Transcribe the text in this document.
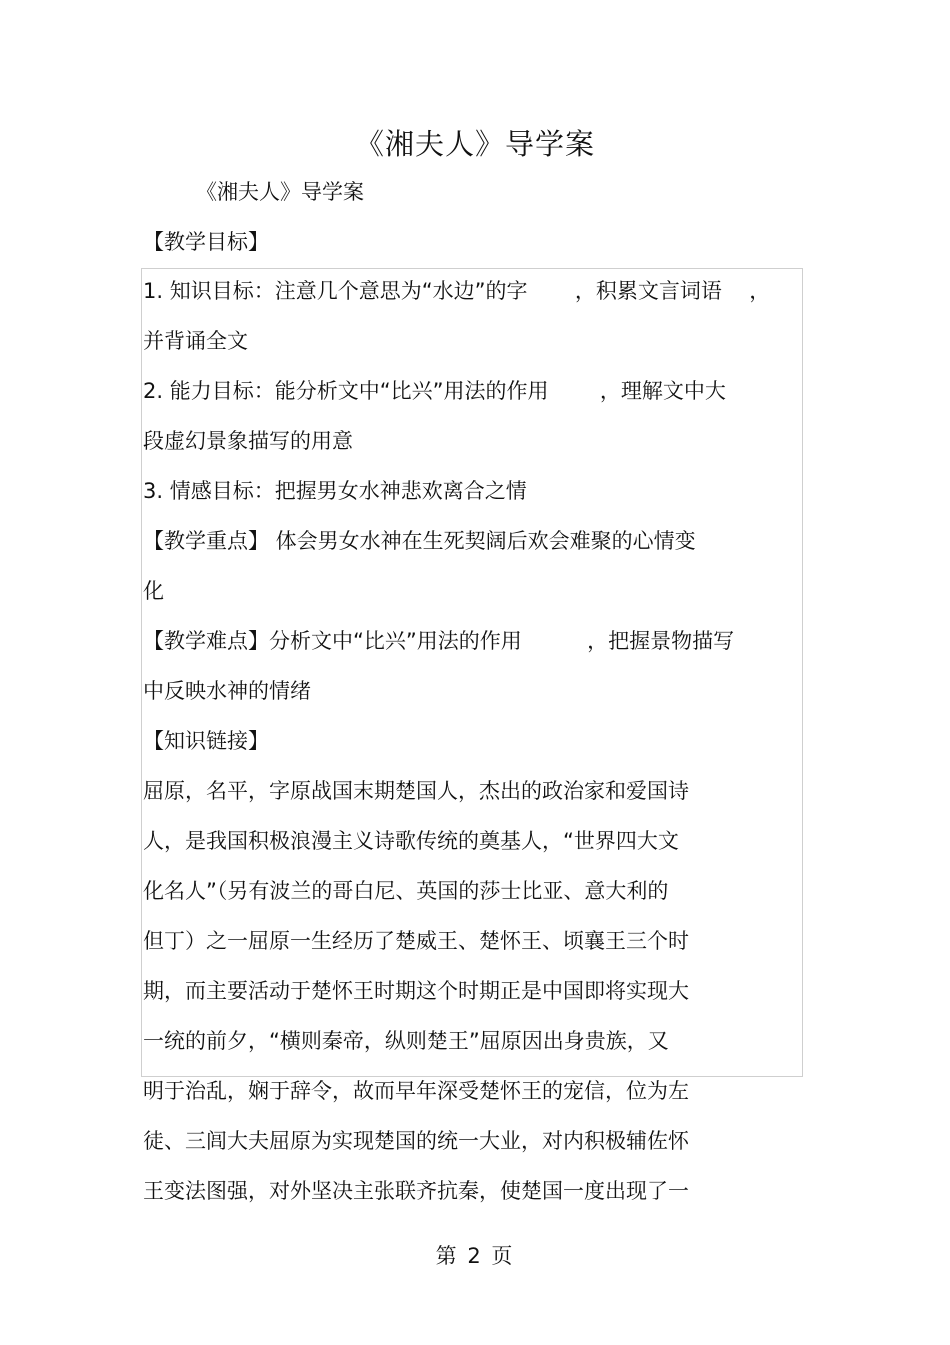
《湘夫人》导学案
《湘夫人》导学案
【教学目标】
1. 知识目标：注意几个意思为“水边”的字 ，积累文言词语 ，
并背诵全文
2. 能力目标：能分析文中“比兴”用法的作用 ，理解文中大
段虚幻景象描写的用意
3. 情感目标：把握男女水神悲欢离合之情
【教学重点】 体会男女水神在生死契阔后欢会难聚的心情变
化
【教学难点】分析文中“比兴”用法的作用	，把握景物描写
中反映水神的情绪
【知识链接】
屈原，名平，字原战国末期楚国人，杰出的政治家和爱国诗
人，是我国积极浪漫主义诗歌传统的奠基人，“世界四大文
化名人”（另有波兰的哥白尼、英国的莎士比亚、意大利的
但丁）之一屈原一生经历了楚威王、楚怀王、顷襄王三个时
期，而主要活动于楚怀王时期这个时期正是中国即将实现大
一统的前夕，“横则秦帝，纵则楚王”屈原因出身贵族，又
明于治乱，娴于辞令，故而早年深受楚怀王的宠信，位为左
徒、三闾大夫屈原为实现楚国的统一大业，对内积极辅佐怀
王变法图强，对外坚决主张联齐抗秦，使楚国一度出现了一
第 2 页
